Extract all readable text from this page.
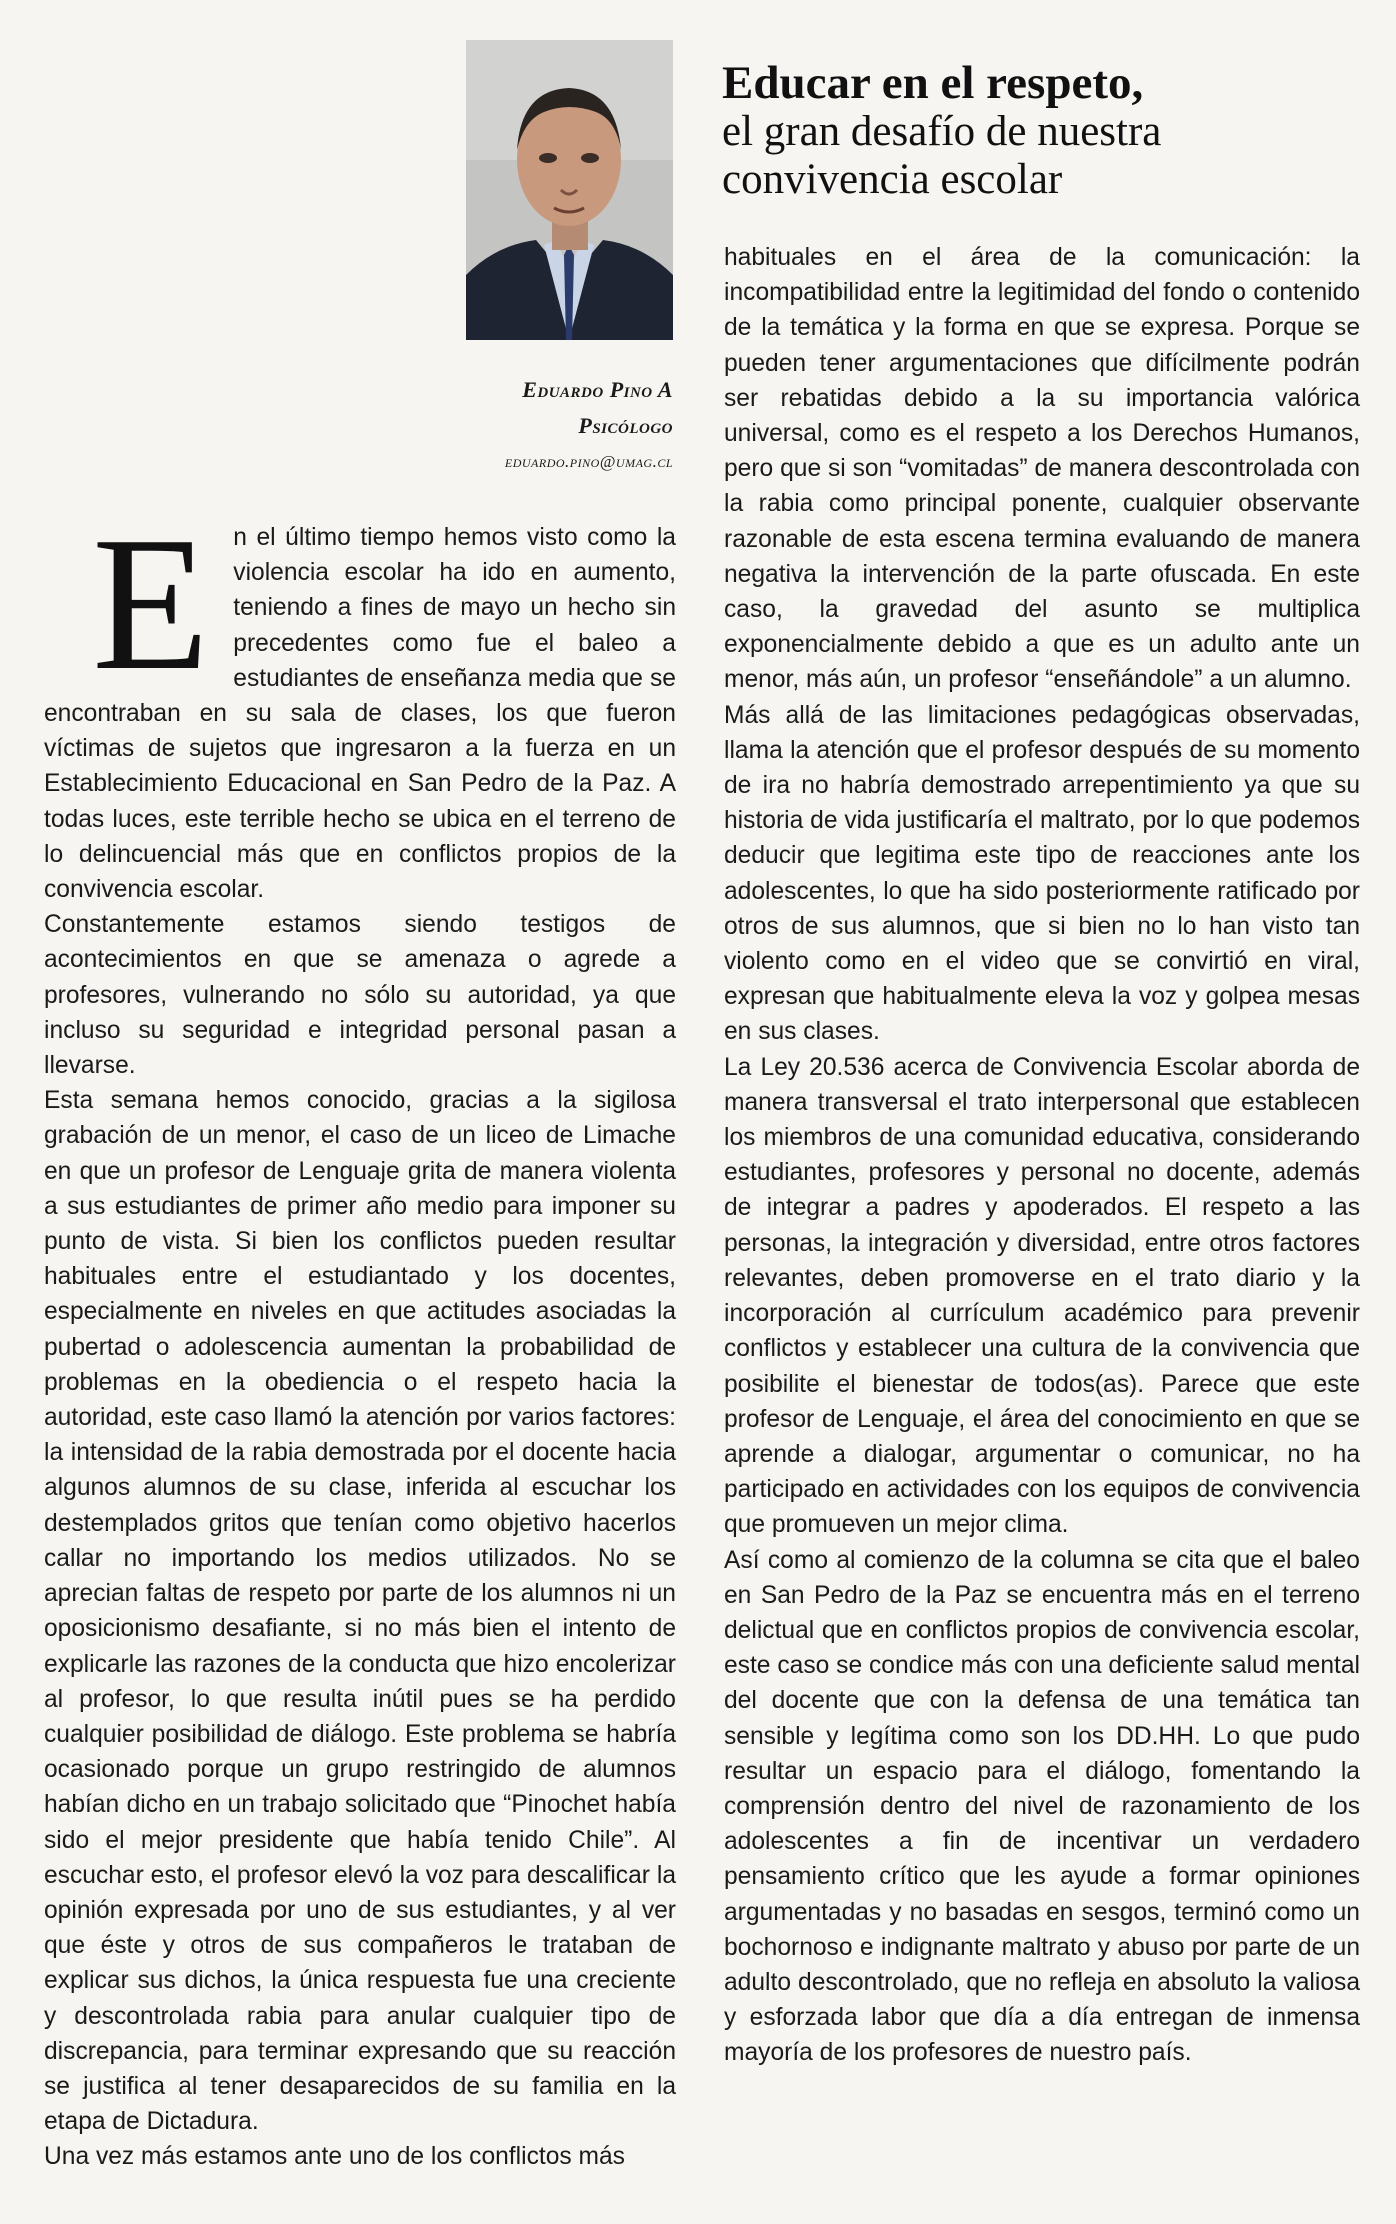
Eduardo Pino A
Psicólogo
eduardo.pino@umag.cl
Educar en el respeto,
el gran desafío de nuestra
convivencia escolar
E n el último tiempo hemos visto como la violencia escolar ha ido en aumento, teniendo a fines de mayo un hecho sin precedentes como fue el baleo a estudiantes de enseñanza media que se encontraban en su sala de clases, los que fueron víctimas de sujetos que ingresaron a la fuerza en un Establecimiento Educacional en San Pedro de la Paz. A todas luces, este terrible hecho se ubica en el terreno de lo delincuencial más que en conflictos propios de la convivencia escolar.

Constantemente estamos siendo testigos de acontecimientos en que se amenaza o agrede a profesores, vulnerando no sólo su autoridad, ya que incluso su seguridad e integridad personal pasan a llevarse.

Esta semana hemos conocido, gracias a la sigilosa grabación de un menor, el caso de un liceo de Limache en que un profesor de Lenguaje grita de manera violenta a sus estudiantes de primer año medio para imponer su punto de vista. Si bien los conflictos pueden resultar habituales entre el estudiantado y los docentes, especialmente en niveles en que actitudes asociadas la pubertad o adolescencia aumentan la probabilidad de problemas en la obediencia o el respeto hacia la autoridad, este caso llamó la atención por varios factores: la intensidad de la rabia demostrada por el docente hacia algunos alumnos de su clase, inferida al escuchar los destemplados gritos que tenían como objetivo hacerlos callar no importando los medios utilizados. No se aprecian faltas de respeto por parte de los alumnos ni un oposicionismo desafiante, si no más bien el intento de explicarle las razones de la conducta que hizo encolerizar al profesor, lo que resulta inútil pues se ha perdido cualquier posibilidad de diálogo. Este problema se habría ocasionado porque un grupo restringido de alumnos habían dicho en un trabajo solicitado que “Pinochet había sido el mejor presidente que había tenido Chile”. Al escuchar esto, el profesor elevó la voz para descalificar la opinión expresada por uno de sus estudiantes, y al ver que éste y otros de sus compañeros le trataban de explicar sus dichos, la única respuesta fue una creciente y descontrolada rabia para anular cualquier tipo de discrepancia, para terminar expresando que su reacción se justifica al tener desaparecidos de su familia en la etapa de Dictadura.

Una vez más estamos ante uno de los conflictos más

habituales en el área de la comunicación: la incompatibilidad entre la legitimidad del fondo o contenido de la temática y la forma en que se expresa. Porque se pueden tener argumentaciones que difícilmente podrán ser rebatidas debido a la su importancia valórica universal, como es el respeto a los Derechos Humanos, pero que si son “vomitadas” de manera descontrolada con la rabia como principal ponente, cualquier observante razonable de esta escena termina evaluando de manera negativa la intervención de la parte ofuscada. En este caso, la gravedad del asunto se multiplica exponencialmente debido a que es un adulto ante un menor, más aún, un profesor “enseñándole” a un alumno.

Más allá de las limitaciones pedagógicas observadas, llama la atención que el profesor después de su momento de ira no habría demostrado arrepentimiento ya que su historia de vida justificaría el maltrato, por lo que podemos deducir que legitima este tipo de reacciones ante los adolescentes, lo que ha sido posteriormente ratificado por otros de sus alumnos, que si bien no lo han visto tan violento como en el video que se convirtió en viral, expresan que habitualmente eleva la voz y golpea mesas en sus clases.

La Ley 20.536 acerca de Convivencia Escolar aborda de manera transversal el trato interpersonal que establecen los miembros de una comunidad educativa, considerando estudiantes, profesores y personal no docente, además de integrar a padres y apoderados. El respeto a las personas, la integración y diversidad, entre otros factores relevantes, deben promoverse en el trato diario y la incorporación al currículum académico para prevenir conflictos y establecer una cultura de la convivencia que posibilite el bienestar de todos(as). Parece que este profesor de Lenguaje, el área del conocimiento en que se aprende a dialogar, argumentar o comunicar, no ha participado en actividades con los equipos de convivencia que promueven un mejor clima.

Así como al comienzo de la columna se cita que el baleo en San Pedro de la Paz se encuentra más en el terreno delictual que en conflictos propios de convivencia escolar, este caso se condice más con una deficiente salud mental del docente que con la defensa de una temática tan sensible y legítima como son los DD.HH. Lo que pudo resultar un espacio para el diálogo, fomentando la comprensión dentro del nivel de razonamiento de los adolescentes a fin de incentivar un verdadero pensamiento crítico que les ayude a formar opiniones argumentadas y no basadas en sesgos, terminó como un bochornoso e indignante maltrato y abuso por parte de un adulto descontrolado, que no refleja en absoluto la valiosa y esforzada labor que día a día entregan de inmensa mayoría de los profesores de nuestro país.
